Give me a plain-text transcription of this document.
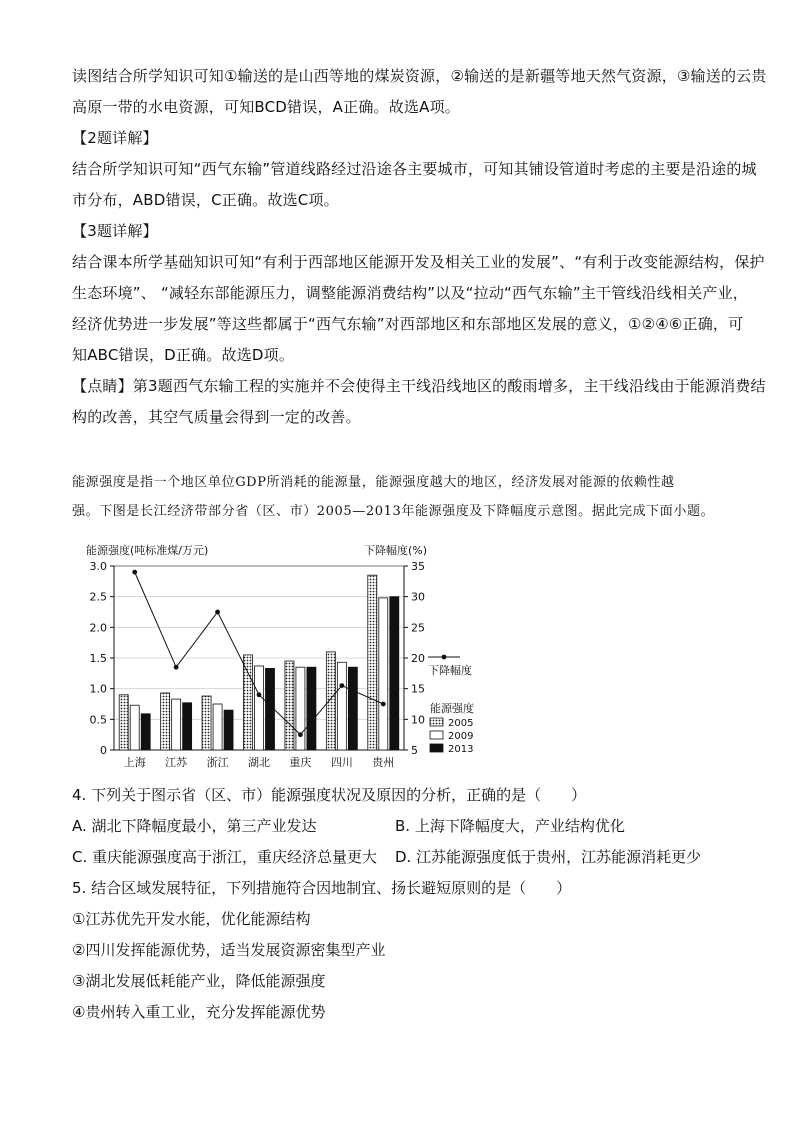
读图结合所学知识可知①输送的是山西等地的煤炭资源，②输送的是新疆等地天然气资源，③输送的云贵
高原一带的水电资源，可知BCD错误，A正确。故选A项。
【2题详解】
结合所学知识可知“西气东输”管道线路经过沿途各主要城市，可知其铺设管道时考虑的主要是沿途的城
市分布，ABD错误，C正确。故选C项。
【3题详解】
结合课本所学基础知识可知“有利于西部地区能源开发及相关工业的发展”、“有利于改变能源结构，保护
生态环境”、 “减轻东部能源压力，调整能源消费结构”以及“拉动“西气东输”主干管线沿线相关产业，
经济优势进一步发展”等这些都属于“西气东输”对西部地区和东部地区发展的意义，①②④⑥正确，可
知ABC错误，D正确。故选D项。
【点睛】第3题西气东输工程的实施并不会使得主干线沿线地区的酸雨增多，主干线沿线由于能源消费结
构的改善，其空气质量会得到一定的改善。
能源强度是指一个地区单位GDP所消耗的能源量，能源强度越大的地区，经济发展对能源的依赖性越
强。下图是长江经济带部分省（区、市）2005—2013年能源强度及下降幅度示意图。据此完成下面小题。
能源强度(吨标准煤/万元)	下降幅度(%)
0
0.5
1.0
1.5
2.0
2.5
3.0
5
10
15
20
25
30
35
上海 江苏 浙江 湖北 重庆 四川 贵州
下降幅度
能源强度
2005
2009
2013
4. 下列关于图示省（区、市）能源强度状况及原因的分析，正确的是（　　）
A. 湖北下降幅度最小，第三产业发达	B. 上海下降幅度大，产业结构优化
C. 重庆能源强度高于浙江，重庆经济总量更大 D. 江苏能源强度低于贵州，江苏能源消耗更少
5. 结合区域发展特征，下列措施符合因地制宜、扬长避短原则的是（　　）
①江苏优先开发水能，优化能源结构
②四川发挥能源优势，适当发展资源密集型产业
③湖北发展低耗能产业，降低能源强度
④贵州转入重工业，充分发挥能源优势
